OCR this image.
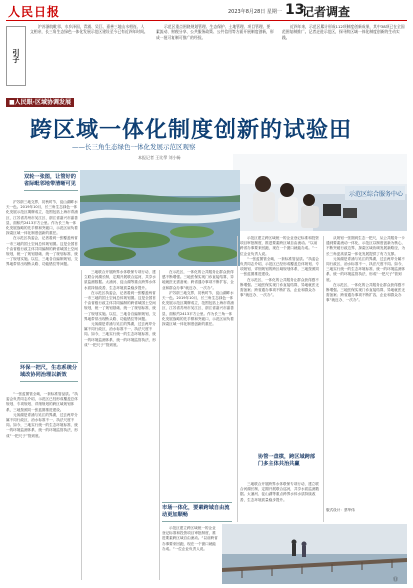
人民日报	2023年8月28日 星期一 13
记者调查
引子

沪苏浙皖毗邻，水乡泽国，青浦、吴江、嘉善三地山水相连、人文相亲，长三角生态绿色一体化发展示范区建设至今已有近四年时间。

示范区重点围绕规划管理、生态保护、土地管理、项目管理、要素流动、财税分享、公共服务政策、公共信用等方面开展制度创新，形成一批可复制可推广的经验。

近四年来，示范区累计形成112项制度创新成果，其中38项已在全国范围复制推广。记者走进示范区，探寻跨区域一体化制度创新的生动实践。

■人民眼·区域协调发展
跨区域一体化制度创新的试验田
——长三角生态绿色一体化发展示范区观察
本报记者 王比學 刘小畅
示范区综合服务中心
双轮一张图，让管好的省际毗邻地带清晰可见

沪苏浙三地交界，初秋时节，淀山湖畔水天一色。2019年10月，长三角生态绿色一体化发展示范区揭牌成立，范围包括上海市青浦区、江苏省苏州市吴江区、浙江省嘉兴市嘉善县，面积约2413平方公里。作为长三角一体化发展战略的先手棋和突破口，示范区肩负着探索区域一体化制度创新的重任。

在示范区执委会，记者看到一张覆盖两省一市三地的国土空间总体规划图。这是全国首个由省级行政主体共同编制的跨省域国土空间规划，统一了规划基础、统一了规划标准、统一了规划实施。以往，三地各自编制规划，交界地带常出现断头路、功能错位等问题。

环保一把尺，生态系统分域改协同治理以新效

“一张蓝图管全域，一套标准管品质。”执委会负责同志介绍，示范区已经形成覆盖总体规划、专项规划、详细规划的跨区域规划体系，三地按照同一张蓝图推进建设。

元荡湖是青浦与吴江的界湖，过去两岸分属不同行政区，治水标准不一、执法尺度不同。如今，三地实行统一的生态环境标准、统一的环境监测体系、统一的环境监管执法，形成“一把尺子”管到底。

三地联合开展跨界水体联保专项行动，建立联合河湖长制，定期开展联合巡河，共享水质监测数据。太浦河、淀山湖等重点跨界水体水质持续改善，生态环境质量稳步提升。

在示范区执委会，记者看到一张覆盖两省一市三地的国土空间总体规划图。这是全国首个由省级行政主体共同编制的跨省域国土空间规划，统一了规划基础、统一了规划标准、统一了规划实施。以往，三地各自编制规划，交界地带常出现断头路、功能错位等问题。

元荡湖是青浦与吴江的界湖，过去两岸分属不同行政区，治水标准不一、执法尺度不同。如今，三地实行统一的生态环境标准、统一的环境监测体系、统一的环境监管执法，形成“一把尺子”管到底。

在示范区，一体化的公共服务让群众获得感不断增强。三地医保实现门诊直接结算，异地就医无需备案；跨省通办事项不断扩容，企业和群众办事“就近办、一次办”。

沪苏浙三地交界，初秋时节，淀山湖畔水天一色。2019年10月，长三角生态绿色一体化发展示范区揭牌成立，范围包括上海市青浦区、江苏省苏州市吴江区、浙江省嘉兴市嘉善县，面积约2413平方公里。作为长三角一体化发展战略的先手棋和突破口，示范区肩负着探索区域一体化制度创新的重任。

市场一体化，要素跨域自由流动更加顺畅

示范区建立跨区域统一的企业登记标准和投资项目审批制度，推进要素跨区域自由流动。“以前跨省办事要来回跑，现在一个窗口就能办成。”一位企业负责人说。

示范区建立跨区域统一的企业登记标准和投资项目审批制度，推进要素跨区域自由流动。“以前跨省办事要来回跑，现在一个窗口就能办成。”一位企业负责人说。

“一张蓝图管全域，一套标准管品质。”执委会负责同志介绍，示范区已经形成覆盖总体规划、专项规划、详细规划的跨区域规划体系，三地按照同一张蓝图推进建设。

在示范区，一体化的公共服务让群众获得感不断增强。三地医保实现门诊直接结算，异地就医无需备案；跨省通办事项不断扩容，企业和群众办事“就近办、一次办”。

协管一盘棋，跨区域跨部门多主体共治共赢

三地联合开展跨界水体联保专项行动，建立联合河湖长制，定期开展联合巡河，共享水质监测数据。太浦河、淀山湖等重点跨界水体水质持续改善，生态环境质量稳步提升。

从规划一张图到生态一把尺，从公共服务一卡通到要素流动一体化，示范区以制度创新为核心，不断突破行政边界，探索区域协调发展新路径，为长三角更高质量一体化发展提供了有力支撑。

元荡湖是青浦与吴江的界湖，过去两岸分属不同行政区，治水标准不一、执法尺度不同。如今，三地实行统一的生态环境标准、统一的环境监测体系、统一的环境监管执法，形成“一把尺子”管到底。

在示范区，一体化的公共服务让群众获得感不断增强。三地医保实现门诊直接结算，异地就医无需备案；跨省通办事项不断扩容，企业和群众办事“就近办、一次办”。

版式设计：蔡华伟
⑬
